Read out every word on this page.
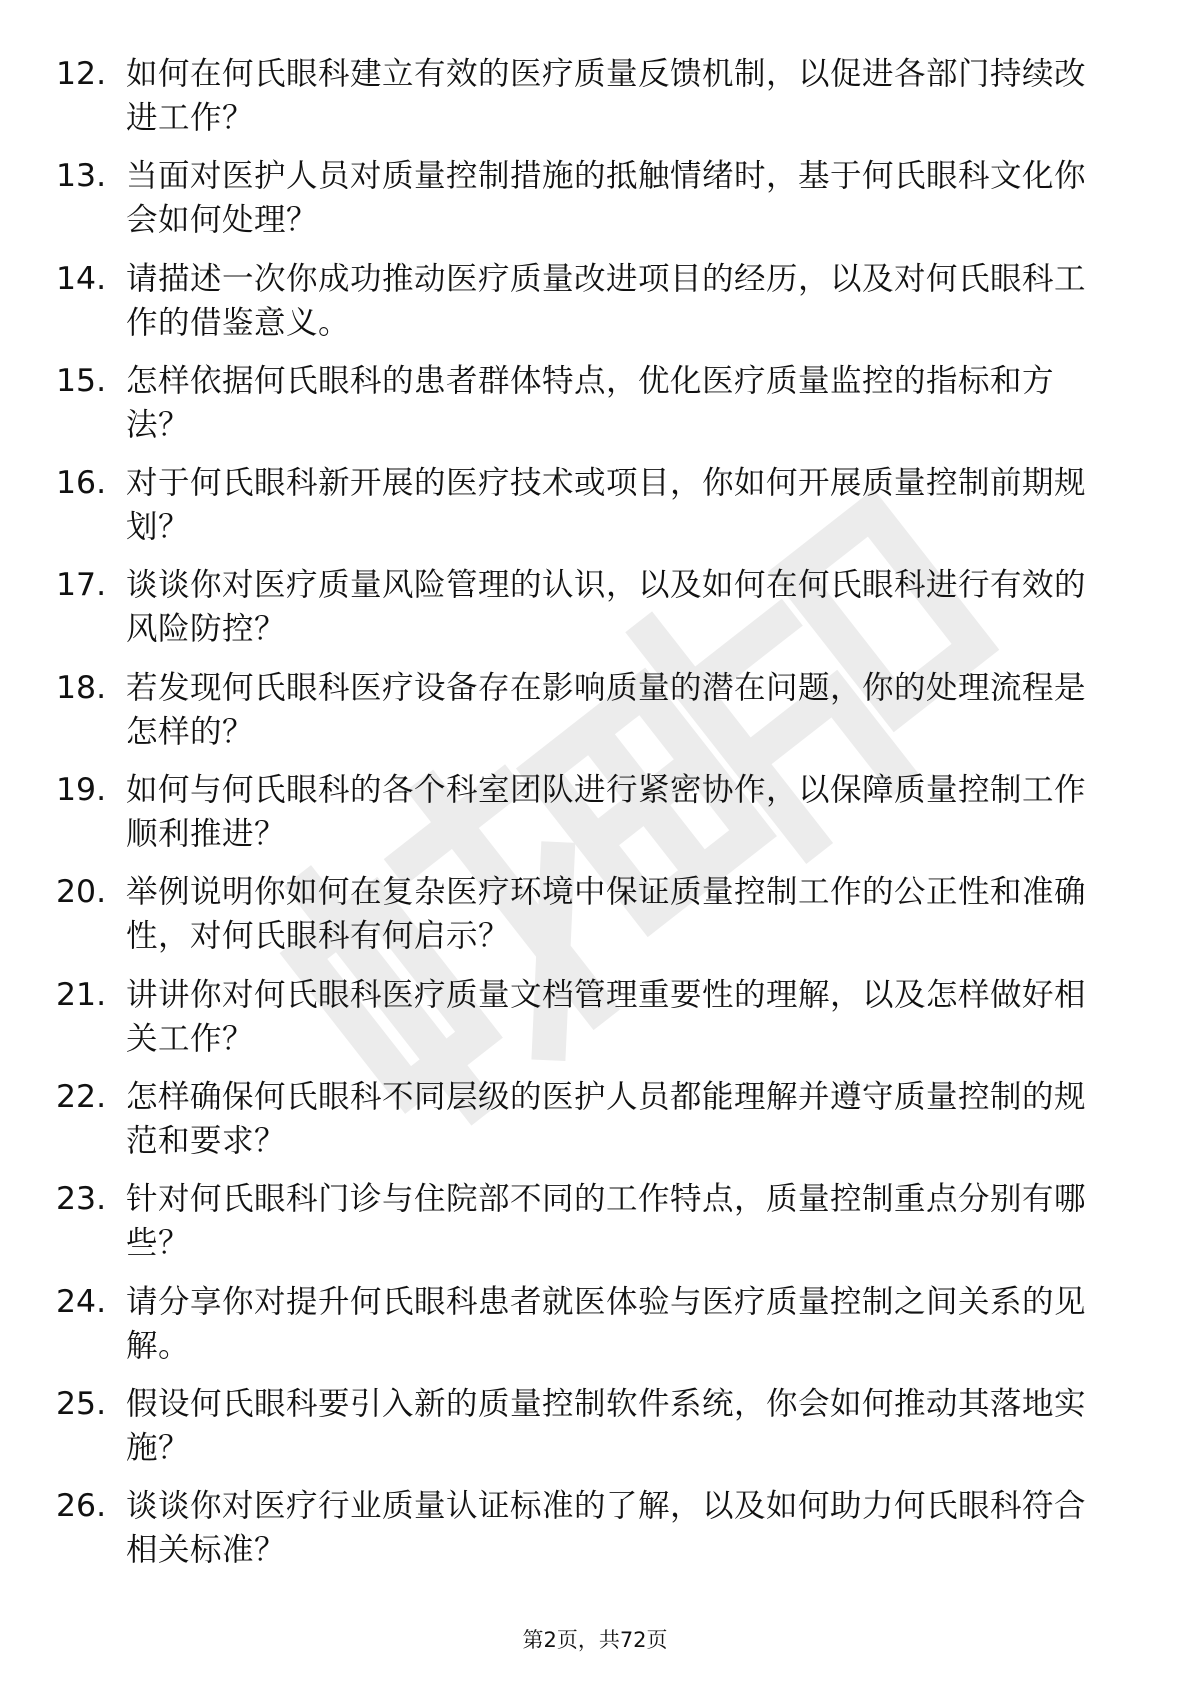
12. 如何在何氏眼科建立有效的医疗质量反馈机制，以促进各部门持续改进工作？
13. 当面对医护人员对质量控制措施的抵触情绪时，基于何氏眼科文化你会如何处理？
14. 请描述一次你成功推动医疗质量改进项目的经历，以及对何氏眼科工作的借鉴意义。
15. 怎样依据何氏眼科的患者群体特点，优化医疗质量监控的指标和方法？
16. 对于何氏眼科新开展的医疗技术或项目，你如何开展质量控制前期规划？
17. 谈谈你对医疗质量风险管理的认识，以及如何在何氏眼科进行有效的风险防控？
18. 若发现何氏眼科医疗设备存在影响质量的潜在问题，你的处理流程是怎样的？
19. 如何与何氏眼科的各个科室团队进行紧密协作，以保障质量控制工作顺利推进？
20. 举例说明你如何在复杂医疗环境中保证质量控制工作的公正性和准确性，对何氏眼科有何启示？
21. 讲讲你对何氏眼科医疗质量文档管理重要性的理解，以及怎样做好相关工作？
22. 怎样确保何氏眼科不同层级的医护人员都能理解并遵守质量控制的规范和要求？
23. 针对何氏眼科门诊与住院部不同的工作特点，质量控制重点分别有哪些？
24. 请分享你对提升何氏眼科患者就医体验与医疗质量控制之间关系的见解。
25. 假设何氏眼科要引入新的质量控制软件系统，你会如何推动其落地实施？
26. 谈谈你对医疗行业质量认证标准的了解，以及如何助力何氏眼科符合相关标准？
第2页，共72页
